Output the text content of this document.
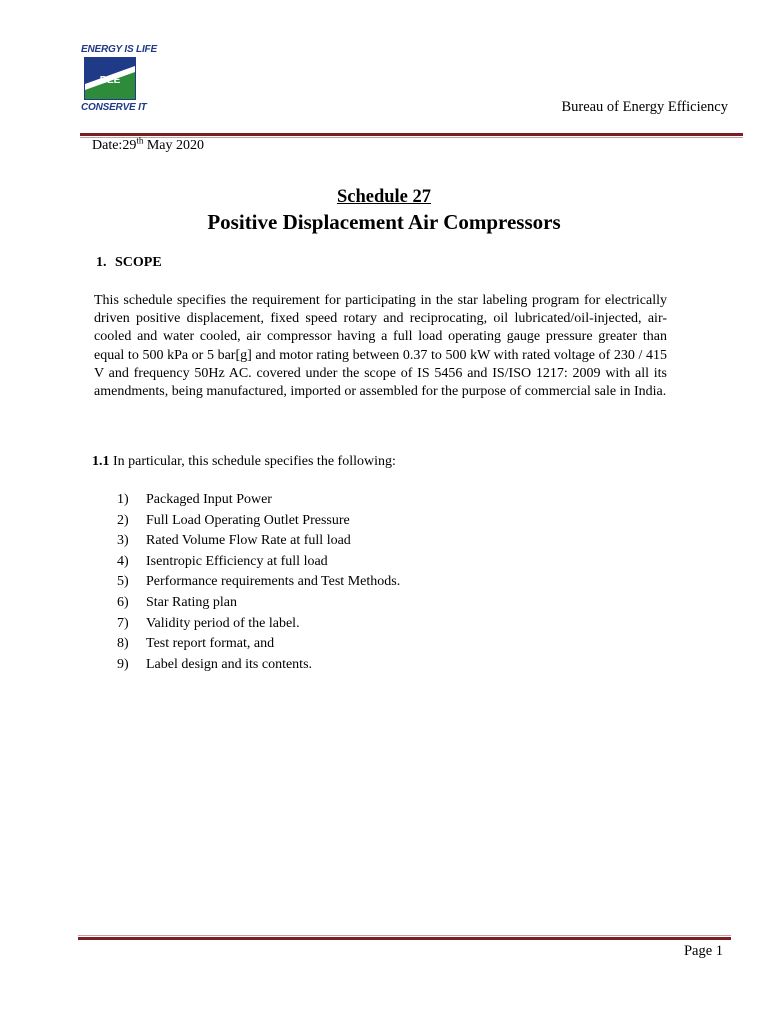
ENERGY IS LIFE
BEE
CONSERVE IT	Bureau of Energy Efficiency
Date:29th May 2020
Schedule 27
Positive Displacement Air Compressors
1. SCOPE
This schedule specifies the requirement for participating in the star labeling program for electrically driven positive displacement, fixed speed rotary and reciprocating, oil lubricated/oil-injected, air-cooled and water cooled, air compressor having a full load operating gauge pressure greater than equal to 500 kPa or 5 bar[g] and motor rating between 0.37 to 500 kW with rated voltage of 230 / 415 V and frequency 50Hz AC. covered under the scope of IS 5456 and IS/ISO 1217: 2009 with all its amendments, being manufactured, imported or assembled for the purpose of commercial sale in India.
1.1 In particular, this schedule specifies the following:
1) Packaged Input Power
2) Full Load Operating Outlet Pressure
3) Rated Volume Flow Rate at full load
4) Isentropic Efficiency at full load
5) Performance requirements and Test Methods.
6) Star Rating plan
7) Validity period of the label.
8) Test report format, and
9) Label design and its contents.
Page 1
